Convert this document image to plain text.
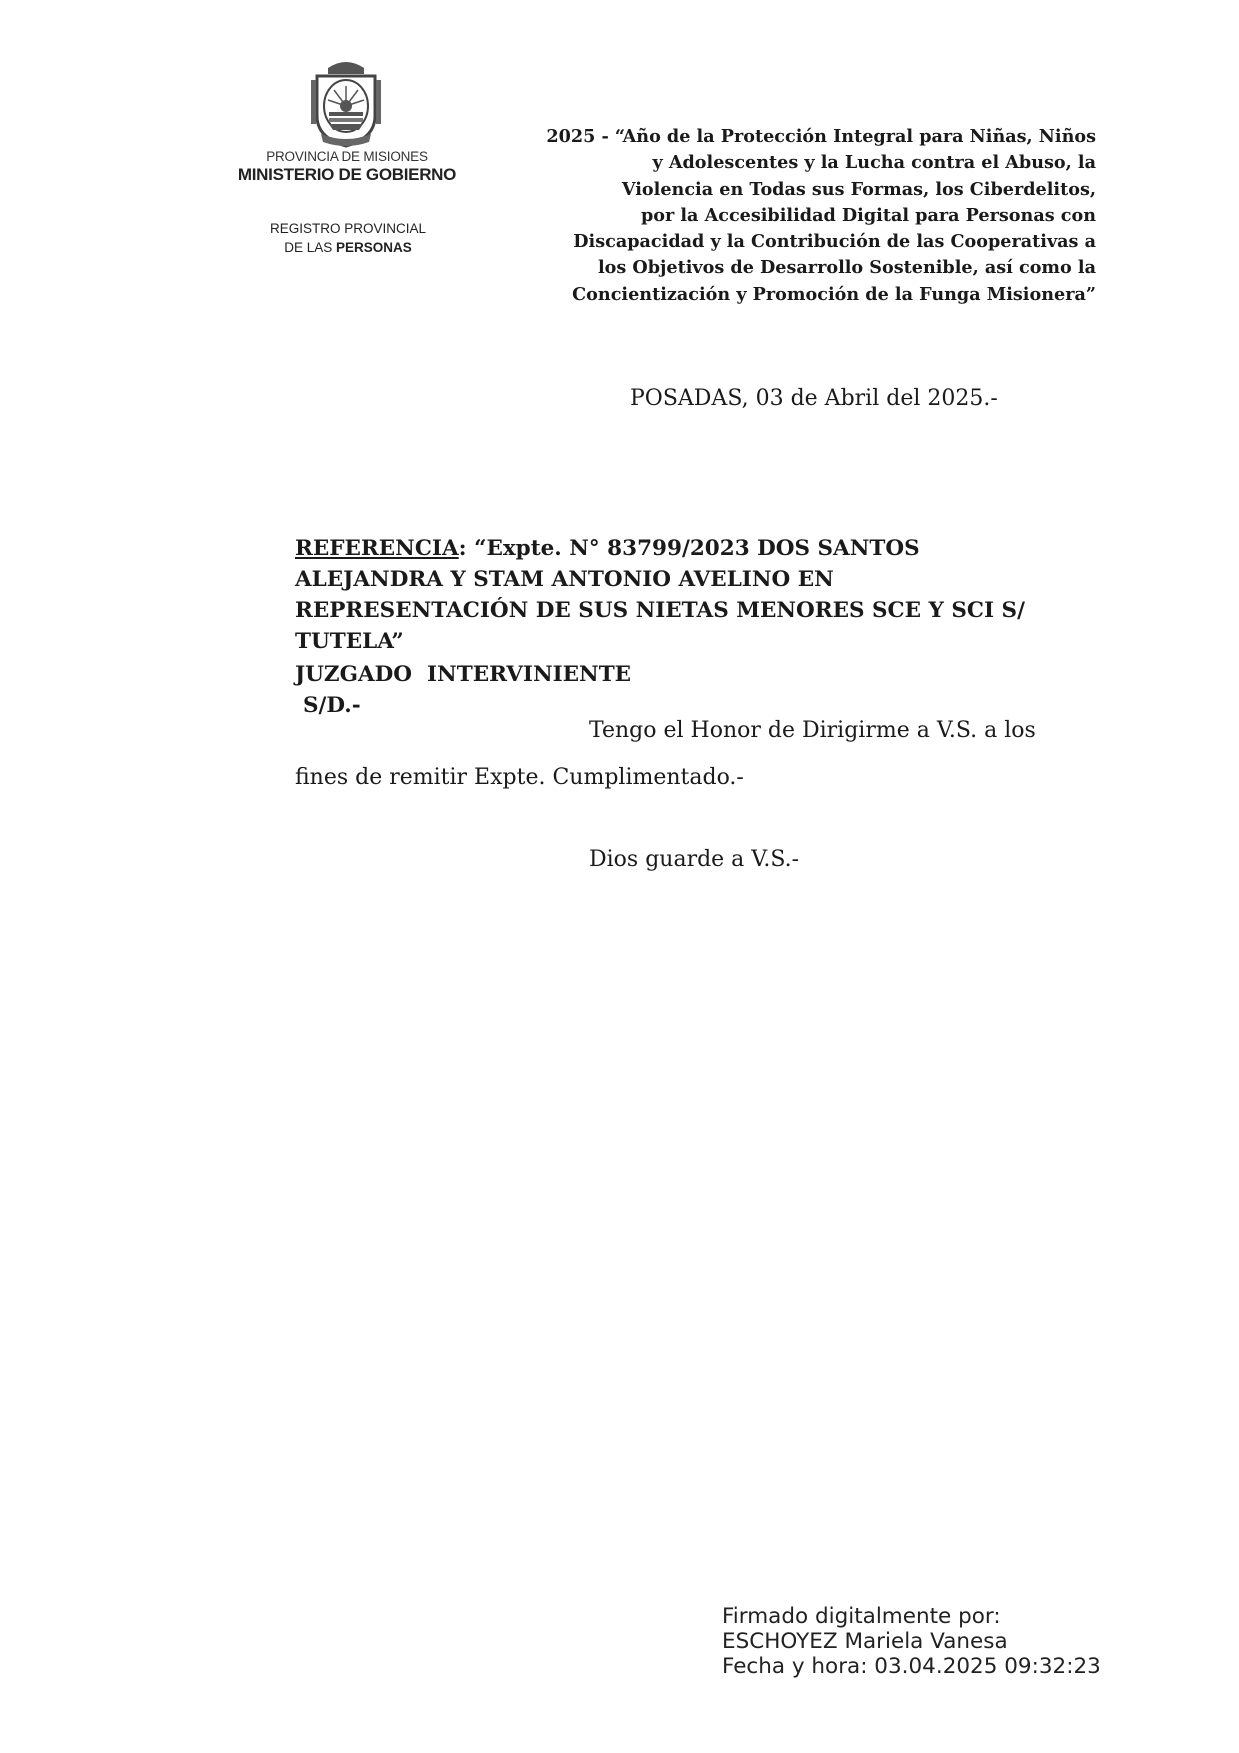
PROVINCIA DE MISIONES
MINISTERIO DE GOBIERNO
REGISTRO PROVINCIAL
DE LAS PERSONAS
2025 - “Año de la Protección Integral para Niñas, Niños
y Adolescentes y la Lucha contra el Abuso, la
Violencia en Todas sus Formas, los Ciberdelitos,
por la Accesibilidad Digital para Personas con
Discapacidad y la Contribución de las Cooperativas a
los Objetivos de Desarrollo Sostenible, así como la
Concientización y Promoción de la Funga Misionera”
POSADAS, 03 de Abril del 2025.-
REFERENCIA: “Expte. N° 83799/2023 DOS SANTOS
ALEJANDRA Y STAM ANTONIO AVELINO EN
REPRESENTACIÓN DE SUS NIETAS MENORES SCE Y SCI S/
TUTELA”
JUZGADO  INTERVINIENTE
S/D.-
Tengo el Honor de Dirigirme a V.S. a los
fines de remitir Expte. Cumplimentado.-
Dios guarde a V.S.-
Firmado digitalmente por:
ESCHOYEZ Mariela Vanesa
Fecha y hora: 03.04.2025 09:32:23
